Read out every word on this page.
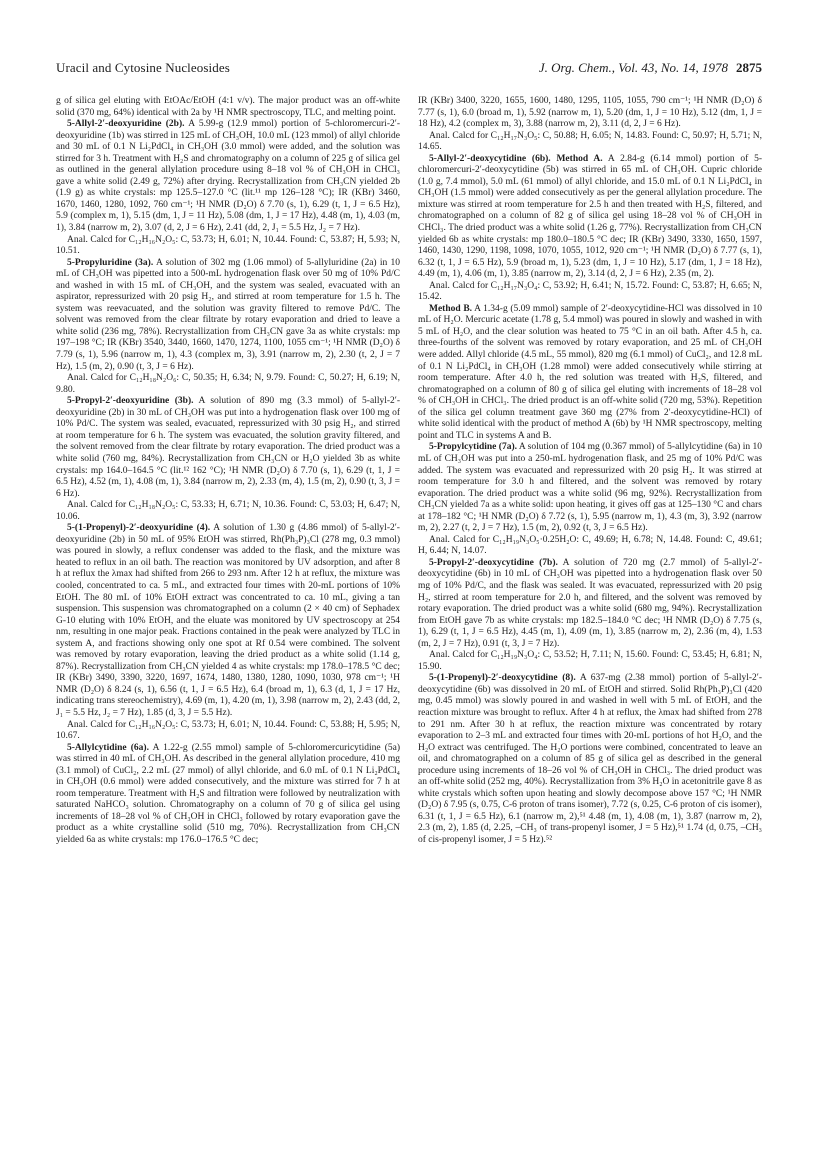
Uracil and Cytosine Nucleosides	J. Org. Chem., Vol. 43, No. 14, 1978 2875

g of silica gel eluting with EtOAc/EtOH (4:1 v/v). The major product was an off-white solid (370 mg, 64%) identical with 2a by ¹H NMR spectroscopy, TLC, and melting point.

5-Allyl-2′-deoxyuridine (2b). A 5.99-g (12.9 mmol) portion of 5-chloromercuri-2′-deoxyuridine (1b) was stirred in 125 mL of CH₃OH, 10.0 mL (123 mmol) of allyl chloride and 30 mL of 0.1 N Li₂PdCl₄ in CH₃OH (3.0 mmol) were added, and the solution was stirred for 3 h. Treatment with H₂S and chromatography on a column of 225 g of silica gel as outlined in the general allylation procedure using 8–18 vol % of CH₃OH in CHCl₃ gave a white solid (2.49 g, 72%) after drying. Recrystallization from CH₃CN yielded 2b (1.9 g) as white crystals: mp 125.5–127.0 °C (lit.¹¹ mp 126–128 °C); IR (KBr) 3460, 1670, 1460, 1280, 1092, 760 cm⁻¹; ¹H NMR (D₂O) δ 7.70 (s, 1), 6.29 (t, 1, J = 6.5 Hz), 5.9 (complex m, 1), 5.15 (dm, 1, J = 11 Hz), 5.08 (dm, 1, J = 17 Hz), 4.48 (m, 1), 4.03 (m, 1), 3.84 (narrow m, 2), 3.07 (d, 2, J = 6 Hz), 2.41 (dd, 2, J₁ = 5.5 Hz, J₂ = 7 Hz).

Anal. Calcd for C₁₂H₁₆N₂O₅: C, 53.73; H, 6.01; N, 10.44. Found: C, 53.87; H, 5.93; N, 10.51.

5-Propyluridine (3a). A solution of 302 mg (1.06 mmol) of 5-allyluridine (2a) in 10 mL of CH₃OH was pipetted into a 500-mL hydrogenation flask over 50 mg of 10% Pd/C and washed in with 15 mL of CH₃OH, and the system was sealed, evacuated with an aspirator, repressurized with 20 psig H₂, and stirred at room temperature for 1.5 h. The system was reevacuated, and the solution was gravity filtered to remove Pd/C. The solvent was removed from the clear filtrate by rotary evaporation and dried to leave a white solid (236 mg, 78%). Recrystallization from CH₃CN gave 3a as white crystals: mp 197–198 °C; IR (KBr) 3540, 3440, 1660, 1470, 1274, 1100, 1055 cm⁻¹; ¹H NMR (D₂O) δ 7.79 (s, 1), 5.96 (narrow m, 1), 4.3 (complex m, 3), 3.91 (narrow m, 2), 2.30 (t, 2, J = 7 Hz), 1.5 (m, 2), 0.90 (t, 3, J = 6 Hz).

Anal. Calcd for C₁₂H₁₈N₂O₆: C, 50.35; H, 6.34; N, 9.79. Found: C, 50.27; H, 6.19; N, 9.80.

5-Propyl-2′-deoxyuridine (3b). A solution of 890 mg (3.3 mmol) of 5-allyl-2′-deoxyuridine (2b) in 30 mL of CH₃OH was put into a hydrogenation flask over 100 mg of 10% Pd/C. The system was sealed, evacuated, repressurized with 30 psig H₂, and stirred at room temperature for 6 h. The system was evacuated, the solution gravity filtered, and the solvent removed from the clear filtrate by rotary evaporation. The dried product was a white solid (760 mg, 84%). Recrystallization from CH₃CN or H₂O yielded 3b as white crystals: mp 164.0–164.5 °C (lit.¹² 162 °C); ¹H NMR (D₂O) δ 7.70 (s, 1), 6.29 (t, 1, J = 6.5 Hz), 4.52 (m, 1), 4.08 (m, 1), 3.84 (narrow m, 2), 2.33 (m, 4), 1.5 (m, 2), 0.90 (t, 3, J = 6 Hz).

Anal. Calcd for C₁₂H₁₈N₂O₅: C, 53.33; H, 6.71; N, 10.36. Found: C, 53.03; H, 6.47; N, 10.06.

5-(1-Propenyl)-2′-deoxyuridine (4). A solution of 1.30 g (4.86 mmol) of 5-allyl-2′-deoxyuridine (2b) in 50 mL of 95% EtOH was stirred, Rh(Ph₃P)₃Cl (278 mg, 0.3 mmol) was poured in slowly, a reflux condenser was added to the flask, and the mixture was heated to reflux in an oil bath. The reaction was monitored by UV adsorption, and after 8 h at reflux the λmax had shifted from 266 to 293 nm. After 12 h at reflux, the mixture was cooled, concentrated to ca. 5 mL, and extracted four times with 20-mL portions of 10% EtOH. The 80 mL of 10% EtOH extract was concentrated to ca. 10 mL, giving a tan suspension. This suspension was chromatographed on a column (2 × 40 cm) of Sephadex G-10 eluting with 10% EtOH, and the eluate was monitored by UV spectroscopy at 254 nm, resulting in one major peak. Fractions contained in the peak were analyzed by TLC in system A, and fractions showing only one spot at Rf 0.54 were combined. The solvent was removed by rotary evaporation, leaving the dried product as a white solid (1.14 g, 87%). Recrystallization from CH₃CN yielded 4 as white crystals: mp 178.0–178.5 °C dec; IR (KBr) 3490, 3390, 3220, 1697, 1674, 1480, 1380, 1280, 1090, 1030, 978 cm⁻¹; ¹H NMR (D₂O) δ 8.24 (s, 1), 6.56 (t, 1, J = 6.5 Hz), 6.4 (broad m, 1), 6.3 (d, 1, J = 17 Hz, indicating trans stereochemistry), 4.69 (m, 1), 4.20 (m, 1), 3.98 (narrow m, 2), 2.43 (dd, 2, J₁ = 5.5 Hz, J₂ = 7 Hz), 1.85 (d, 3, J = 5.5 Hz).

Anal. Calcd for C₁₂H₁₆N₂O₅: C, 53.73; H, 6.01; N, 10.44. Found: C, 53.88; H, 5.95; N, 10.67.

5-Allylcytidine (6a). A 1.22-g (2.55 mmol) sample of 5-chloromercuricytidine (5a) was stirred in 40 mL of CH₃OH. As described in the general allylation procedure, 410 mg (3.1 mmol) of CuCl₂, 2.2 mL (27 mmol) of allyl chloride, and 6.0 mL of 0.1 N Li₂PdCl₄ in CH₃OH (0.6 mmol) were added consecutively, and the mixture was stirred for 7 h at room temperature. Treatment with H₂S and filtration were followed by neutralization with saturated NaHCO₃ solution. Chromatography on a column of 70 g of silica gel using increments of 18–28 vol % of CH₃OH in CHCl₃ followed by rotary evaporation gave the product as a white crystalline solid (510 mg, 70%). Recrystallization from CH₃CN yielded 6a as white crystals: mp 176.0–176.5 °C dec;

IR (KBr) 3400, 3220, 1655, 1600, 1480, 1295, 1105, 1055, 790 cm⁻¹; ¹H NMR (D₂O) δ 7.77 (s, 1), 6.0 (broad m, 1), 5.92 (narrow m, 1), 5.20 (dm, 1, J = 10 Hz), 5.12 (dm, 1, J = 18 Hz), 4.2 (complex m, 3), 3.88 (narrow m, 2), 3.11 (d, 2, J = 6 Hz).

Anal. Calcd for C₁₂H₁₇N₃O₅: C, 50.88; H, 6.05; N, 14.83. Found: C, 50.97; H, 5.71; N, 14.65.

5-Allyl-2′-deoxycytidine (6b). Method A. A 2.84-g (6.14 mmol) portion of 5-chloromercuri-2′-deoxycytidine (5b) was stirred in 65 mL of CH₃OH. Cupric chloride (1.0 g, 7.4 mmol), 5.0 mL (61 mmol) of allyl chloride, and 15.0 mL of 0.1 N Li₂PdCl₄ in CH₃OH (1.5 mmol) were added consecutively as per the general allylation procedure. The mixture was stirred at room temperature for 2.5 h and then treated with H₂S, filtered, and chromatographed on a column of 82 g of silica gel using 18–28 vol % of CH₃OH in CHCl₃. The dried product was a white solid (1.26 g, 77%). Recrystallization from CH₃CN yielded 6b as white crystals: mp 180.0–180.5 °C dec; IR (KBr) 3490, 3330, 1650, 1597, 1460, 1430, 1290, 1198, 1098, 1070, 1055, 1012, 920 cm⁻¹; ¹H NMR (D₂O) δ 7.77 (s, 1), 6.32 (t, 1, J = 6.5 Hz), 5.9 (broad m, 1), 5.23 (dm, 1, J = 10 Hz), 5.17 (dm, 1, J = 18 Hz), 4.49 (m, 1), 4.06 (m, 1), 3.85 (narrow m, 2), 3.14 (d, 2, J = 6 Hz), 2.35 (m, 2).

Anal. Calcd for C₁₂H₁₇N₃O₄: C, 53.92; H, 6.41; N, 15.72. Found: C, 53.87; H, 6.65; N, 15.42.

Method B. A 1.34-g (5.09 mmol) sample of 2′-deoxycytidine-HCl was dissolved in 10 mL of H₂O. Mercuric acetate (1.78 g, 5.4 mmol) was poured in slowly and washed in with 5 mL of H₂O, and the clear solution was heated to 75 °C in an oil bath. After 4.5 h, ca. three-fourths of the solvent was removed by rotary evaporation, and 25 mL of CH₃OH were added. Allyl chloride (4.5 mL, 55 mmol), 820 mg (6.1 mmol) of CuCl₂, and 12.8 mL of 0.1 N Li₂PdCl₄ in CH₃OH (1.28 mmol) were added consecutively while stirring at room temperature. After 4.0 h, the red solution was treated with H₂S, filtered, and chromatographed on a column of 80 g of silica gel eluting with increments of 18–28 vol % of CH₃OH in CHCl₃. The dried product is an off-white solid (720 mg, 53%). Repetition of the silica gel column treatment gave 360 mg (27% from 2′-deoxycytidine-HCl) of white solid identical with the product of method A (6b) by ¹H NMR spectroscopy, melting point and TLC in systems A and B.

5-Propylcytidine (7a). A solution of 104 mg (0.367 mmol) of 5-allylcytidine (6a) in 10 mL of CH₃OH was put into a 250-mL hydrogenation flask, and 25 mg of 10% Pd/C was added. The system was evacuated and repressurized with 20 psig H₂. It was stirred at room temperature for 3.0 h and filtered, and the solvent was removed by rotary evaporation. The dried product was a white solid (96 mg, 92%). Recrystallization from CH₃CN yielded 7a as a white solid: upon heating, it gives off gas at 125–130 °C and chars at 178–182 °C; ¹H NMR (D₂O) δ 7.72 (s, 1), 5.95 (narrow m, 1), 4.3 (m, 3), 3.92 (narrow m, 2), 2.27 (t, 2, J = 7 Hz), 1.5 (m, 2), 0.92 (t, 3, J = 6.5 Hz).

Anal. Calcd for C₁₂H₁₉N₃O₅·0.25H₂O: C, 49.69; H, 6.78; N, 14.48. Found: C, 49.61; H, 6.44; N, 14.07.

5-Propyl-2′-deoxycytidine (7b). A solution of 720 mg (2.7 mmol) of 5-allyl-2′-deoxycytidine (6b) in 10 mL of CH₃OH was pipetted into a hydrogenation flask over 50 mg of 10% Pd/C, and the flask was sealed. It was evacuated, repressurized with 20 psig H₂, stirred at room temperature for 2.0 h, and filtered, and the solvent was removed by rotary evaporation. The dried product was a white solid (680 mg, 94%). Recrystallization from EtOH gave 7b as white crystals: mp 182.5–184.0 °C dec; ¹H NMR (D₂O) δ 7.75 (s, 1), 6.29 (t, 1, J = 6.5 Hz), 4.45 (m, 1), 4.09 (m, 1), 3.85 (narrow m, 2), 2.36 (m, 4), 1.53 (m, 2, J = 7 Hz), 0.91 (t, 3, J = 7 Hz).

Anal. Calcd for C₁₂H₁₉N₃O₄: C, 53.52; H, 7.11; N, 15.60. Found: C, 53.45; H, 6.81; N, 15.90.

5-(1-Propenyl)-2′-deoxycytidine (8). A 637-mg (2.38 mmol) portion of 5-allyl-2′-deoxycytidine (6b) was dissolved in 20 mL of EtOH and stirred. Solid Rh(Ph₃P)₃Cl (420 mg, 0.45 mmol) was slowly poured in and washed in well with 5 mL of EtOH, and the reaction mixture was brought to reflux. After 4 h at reflux, the λmax had shifted from 278 to 291 nm. After 30 h at reflux, the reaction mixture was concentrated by rotary evaporation to 2–3 mL and extracted four times with 20-mL portions of hot H₂O, and the H₂O extract was centrifuged. The H₂O portions were combined, concentrated to leave an oil, and chromatographed on a column of 85 g of silica gel as described in the general procedure using increments of 18–26 vol % of CH₃OH in CHCl₃. The dried product was an off-white solid (252 mg, 40%). Recrystallization from 3% H₂O in acetonitrile gave 8 as white crystals which soften upon heating and slowly decompose above 157 °C; ¹H NMR (D₂O) δ 7.95 (s, 0.75, C-6 proton of trans isomer), 7.72 (s, 0.25, C-6 proton of cis isomer), 6.31 (t, 1, J = 6.5 Hz), 6.1 (narrow m, 2),⁵¹ 4.48 (m, 1), 4.08 (m, 1), 3.87 (narrow m, 2), 2.3 (m, 2), 1.85 (d, 2.25, –CH₃ of trans-propenyl isomer, J = 5 Hz),⁵¹ 1.74 (d, 0.75, –CH₃ of cis-propenyl isomer, J = 5 Hz).⁵²
